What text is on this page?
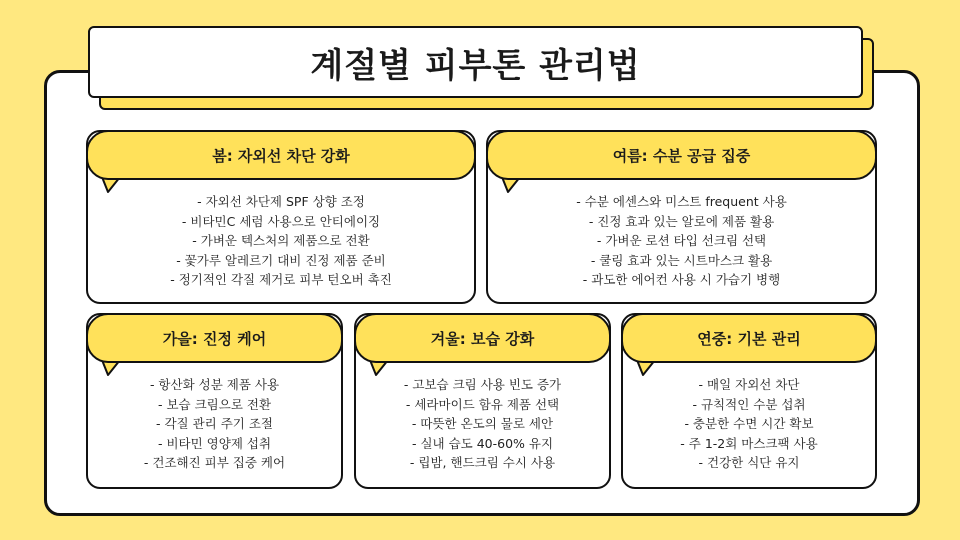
계절별 피부톤 관리법
봄: 자외선 차단 강화
- 자외선 차단제 SPF 상향 조정
- 비타민C 세럼 사용으로 안티에이징
- 가벼운 텍스처의 제품으로 전환
- 꽃가루 알레르기 대비 진정 제품 준비
- 정기적인 각질 제거로 피부 턴오버 촉진
여름: 수분 공급 집중
- 수분 에센스와 미스트 frequent 사용
- 진정 효과 있는 알로에 제품 활용
- 가벼운 로션 타입 선크림 선택
- 쿨링 효과 있는 시트마스크 활용
- 과도한 에어컨 사용 시 가습기 병행
가을: 진정 케어
- 항산화 성분 제품 사용
- 보습 크림으로 전환
- 각질 관리 주기 조절
- 비타민 영양제 섭취
- 건조해진 피부 집중 케어
겨울: 보습 강화
- 고보습 크림 사용 빈도 증가
- 세라마이드 함유 제품 선택
- 따뜻한 온도의 물로 세안
- 실내 습도 40-60% 유지
- 립밤, 핸드크림 수시 사용
연중: 기본 관리
- 매일 자외선 차단
- 규칙적인 수분 섭취
- 충분한 수면 시간 확보
- 주 1-2회 마스크팩 사용
- 건강한 식단 유지
